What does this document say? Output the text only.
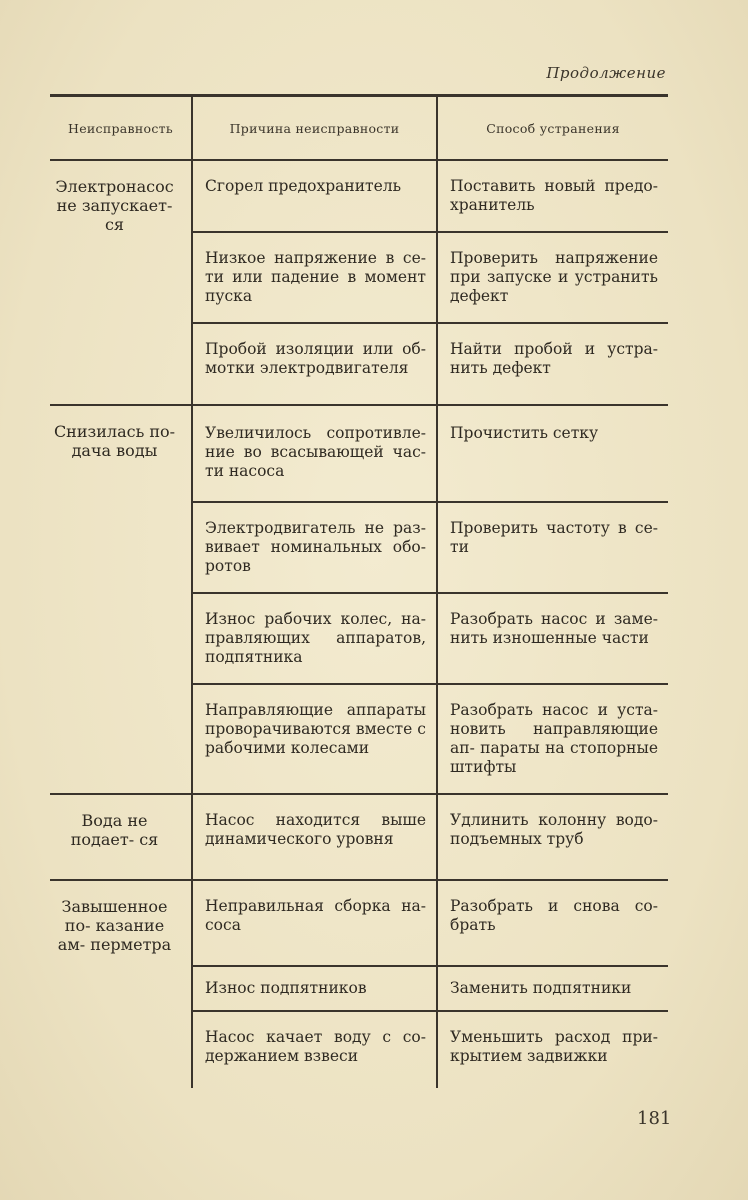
Продолжение
Неисправность	Причина неисправности	Способ устранения
Электронасос не запускает- ся	Сгорел предохранитель	Поставить новый предо- хранитель
	Низкое напряжение в се- ти или падение в момент пуска	Проверить напряжение при запуске и устранить дефект
	Пробой изоляции или об- мотки электродвигателя	Найти пробой и устра- нить дефект
Снизилась по- дача воды	Увеличилось сопротивле- ние во всасывающей час- ти насоса	Прочистить сетку
	Электродвигатель не раз- вивает номинальных обо- ротов	Проверить частоту в се- ти
	Износ рабочих колес, на- правляющих аппаратов, подпятника	Разобрать насос и заме- нить изношенные части
	Направляющие аппараты проворачиваются вместе с рабочими колесами	Разобрать насос и уста- новить направляющие ап- параты на стопорные штифты
Вода не подает- ся	Насос находится выше динамического уровня	Удлинить колонну водо- подъемных труб
Завышенное по- казание ам- перметра	Неправильная сборка на- соса	Разобрать и снова со- брать
	Износ подпятников	Заменить подпятники
	Насос качает воду с со- держанием взвеси	Уменьшить расход при- крытием задвижки
181
